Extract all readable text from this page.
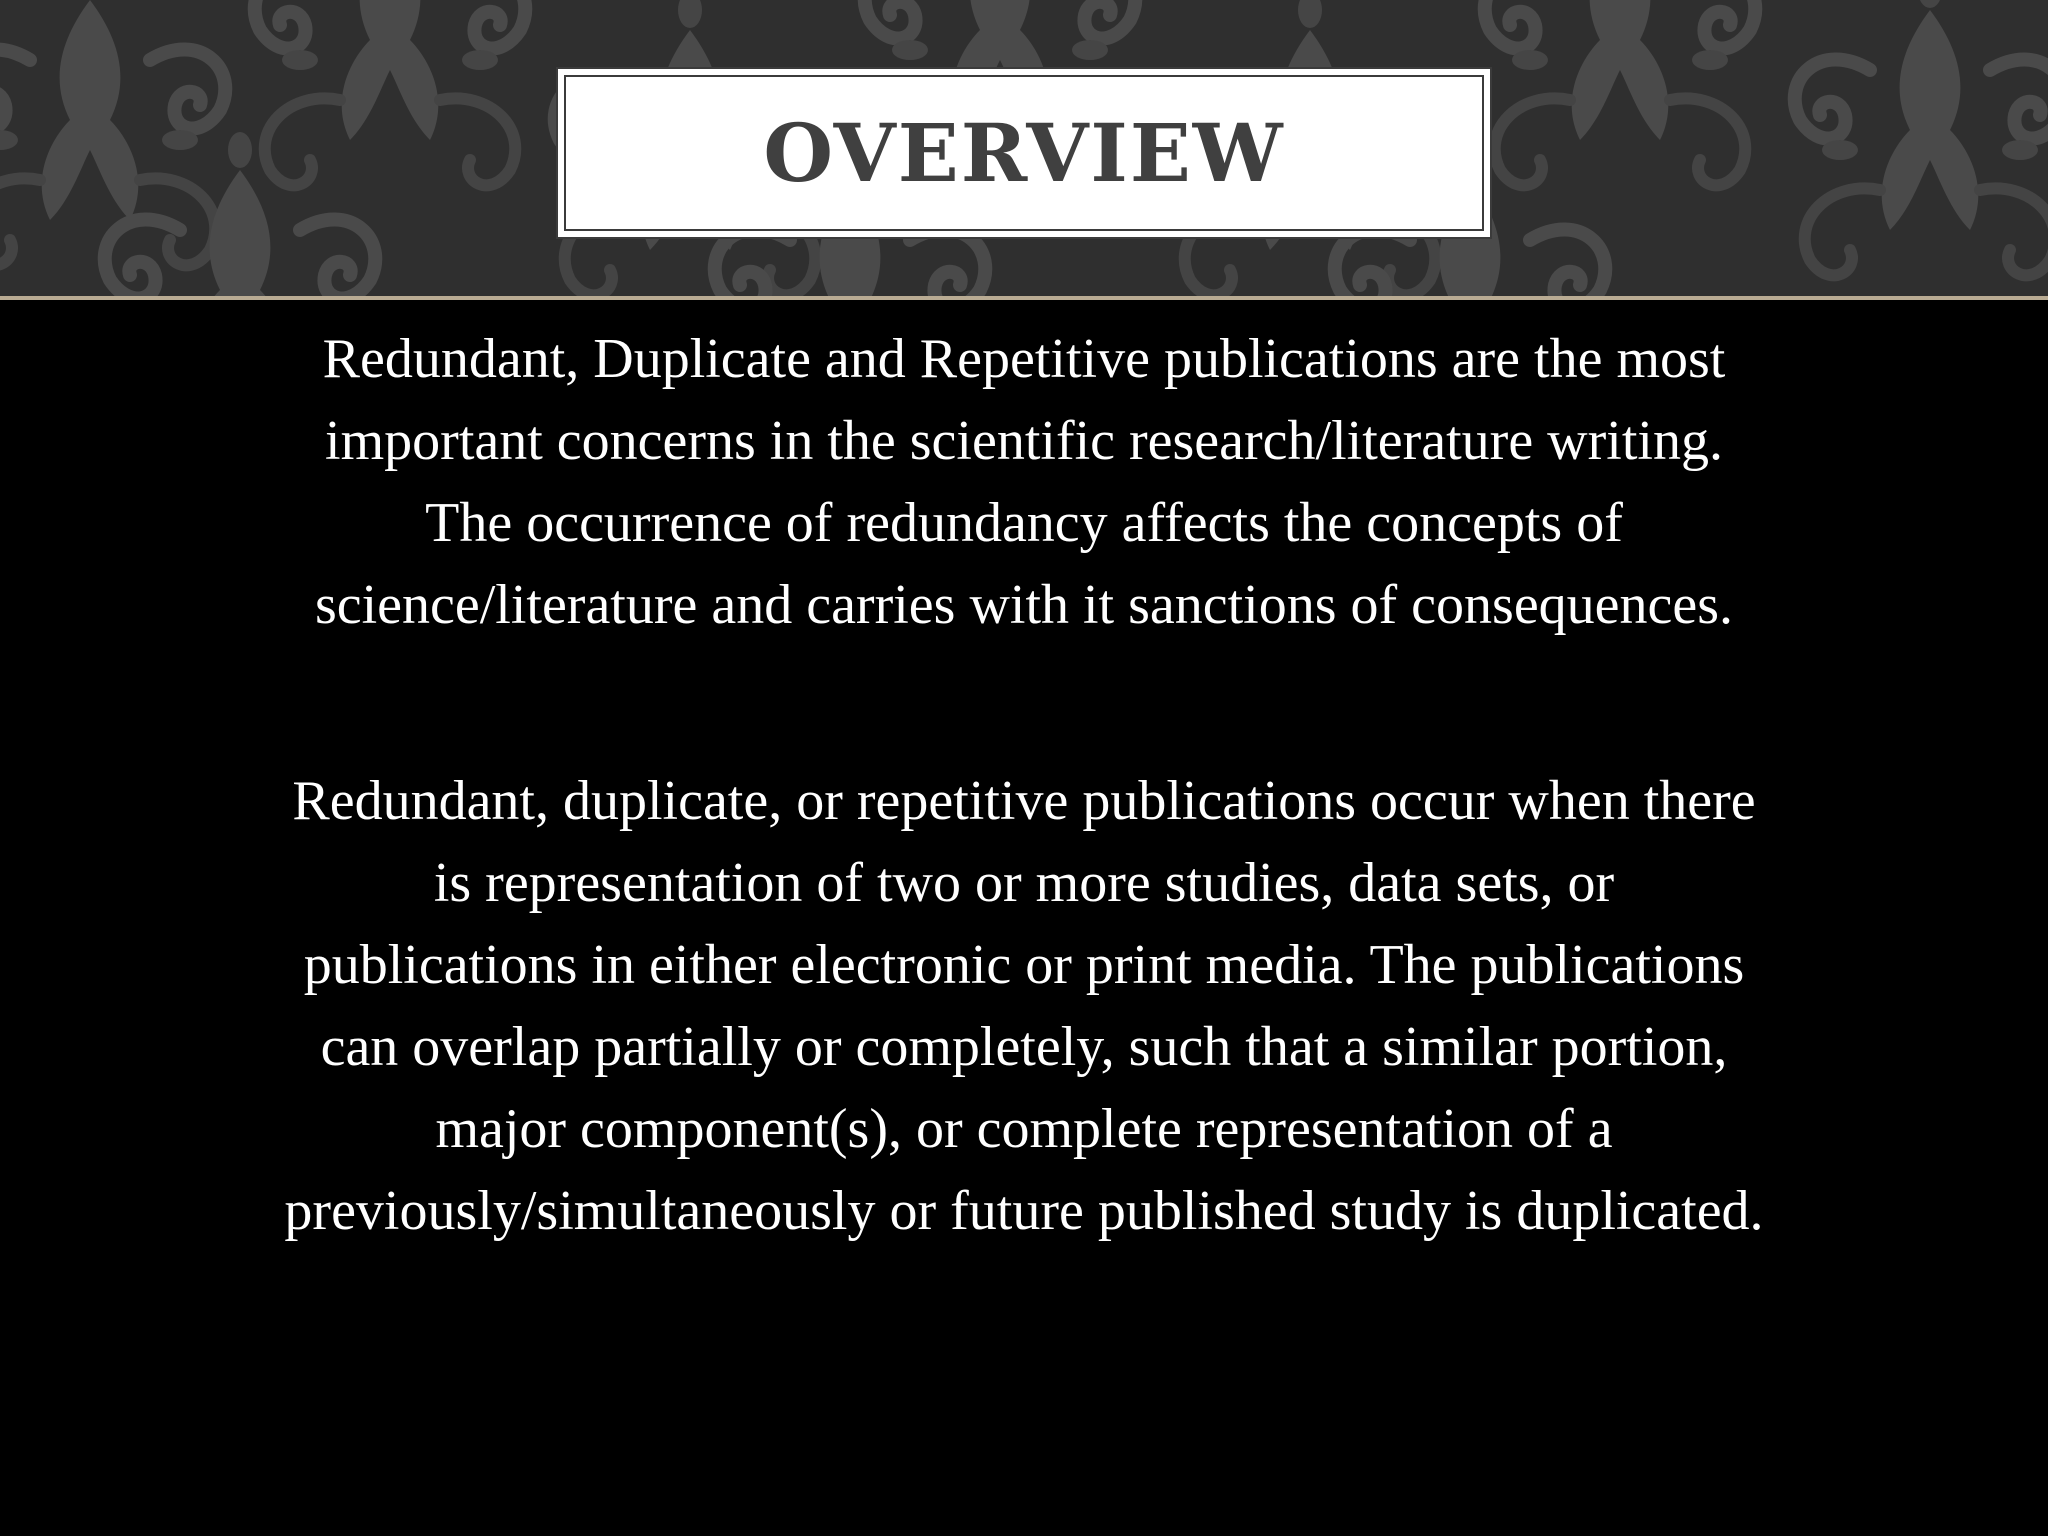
OVERVIEW
Redundant, Duplicate and Repetitive publications are the most
important concerns in the scientific research/literature writing.
The occurrence of redundancy affects the concepts of
science/literature and carries with it sanctions of consequences.
Redundant, duplicate, or repetitive publications occur when there
is representation of two or more studies, data sets, or
publications in either electronic or print media. The publications
can overlap partially or completely, such that a similar portion,
major component(s), or complete representation of a
previously/simultaneously or future published study is duplicated.
